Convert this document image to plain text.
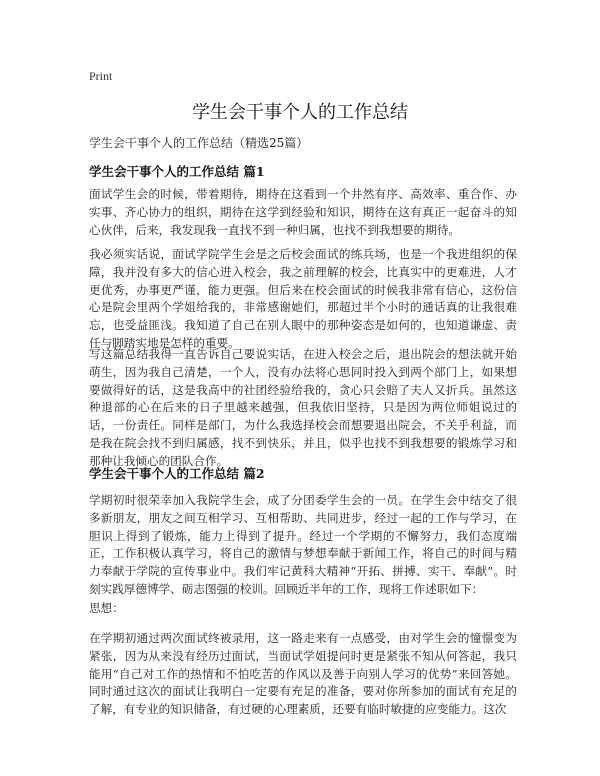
Print
学生会干事个人的工作总结
学生会干事个人的工作总结（精选25篇）
学生会干事个人的工作总结 篇1

面试学生会的时候，带着期待，期待在这看到一个井然有序、高效率、重合作、办实事、齐心协力的组织，期待在这学到经验和知识，期待在这有真正一起奋斗的知心伙伴，后来，我发现我一直找不到一种归属，也找不到我想要的期待。

我必须实话说，面试学院学生会是之后校会面试的练兵场，也是一个我进组织的保障，我并没有多大的信心进入校会，我之前理解的校会，比真实中的更难进，人才更优秀，办事更严谨，能力更强。但后来在校会面试的时候我非常有信心，这份信心是院会里两个学姐给我的，非常感谢她们，那超过半个小时的通话真的让我很难忘，也受益匪浅。我知道了自己在别人眼中的那种姿态是如何的，也知道谦虚、责任与脚踏实地是怎样的重要。

写这篇总结我得一直告诉自己要说实话，在进入校会之后，退出院会的想法就开始萌生，因为我自己清楚，一个人，没有办法将心思同时投入到两个部门上，如果想要做得好的话，这是我高中的社团经验给我的，贪心只会赔了夫人又折兵。虽然这种退部的心在后来的日子里越来越强，但我依旧坚持，只是因为两位师姐说过的话，一份责任。同样是部门，为什么我选择校会而想要退出院会，不关乎利益，而是我在院会找不到归属感，找不到快乐，并且，似乎也找不到我想要的锻炼学习和那种让我倾心的团队合作。

学生会干事个人的工作总结 篇2

学期初时很荣幸加入我院学生会，成了分团委学生会的一员。在学生会中结交了很多新朋友，朋友之间互相学习、互相帮助、共同进步，经过一起的工作与学习，在胆识上得到了锻炼，能力上得到了提升。经过一个学期的不懈努力，我们态度端正，工作积极认真学习，将自己的激情与梦想奉献于新闻工作，将自己的时间与精力奉献于学院的宣传事业中。我们牢记黄科大精神“开拓、拼搏、实干、奉献”。时刻实践厚德博学、砺志图强的校训。回顾近半年的工作，现将工作述职如下：

思想：

在学期初通过两次面试终被录用，这一路走来有一点感受，由对学生会的憧憬变为紧张，因为从来没有经历过面试，当面试学姐提问时更是紧张不知从何答起，我只能用“自己对工作的热情和不怕吃苦的作风以及善于向别人学习的优势”来回答她。同时通过这次的面试让我明白一定要有充足的准备，要对你所参加的面试有充足的了解，有专业的知识储备，有过硬的心理素质，还要有临时敏捷的应变能力。这次
